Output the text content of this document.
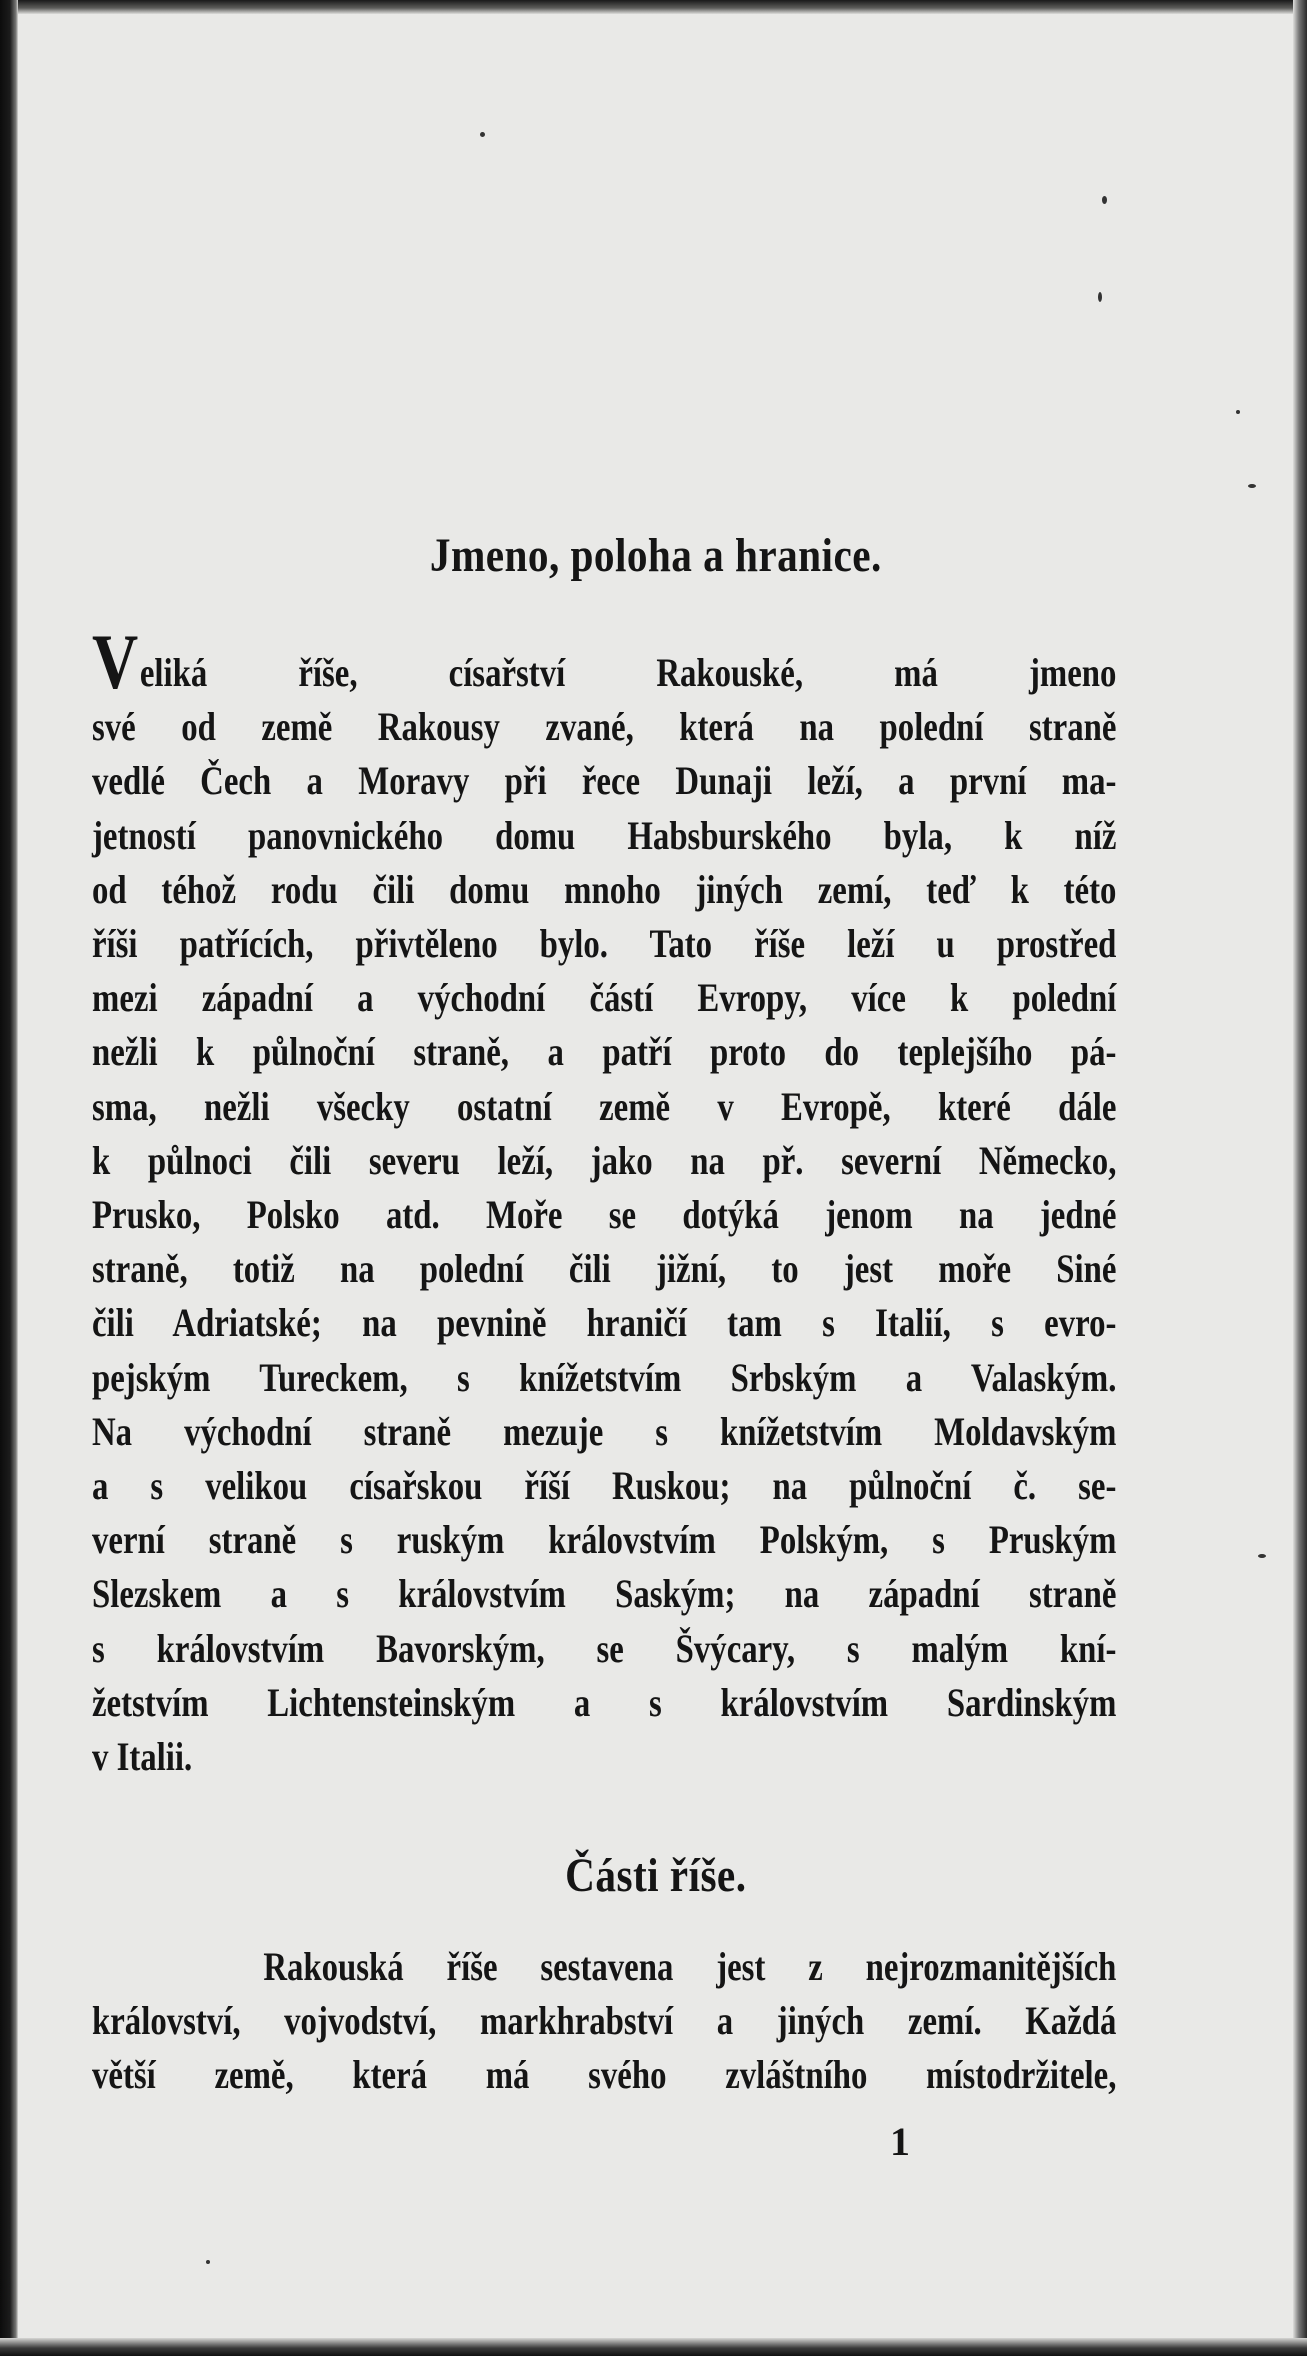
Jmeno, poloha a hranice.
Veliká říše, císařství Rakouské, má jmeno
své od země Rakousy zvané, která na polední straně
vedlé Čech a Moravy při řece Dunaji leží, a první ma-
jetností panovnického domu Habsburského byla, k níž
od téhož rodu čili domu mnoho jiných zemí, teď k této
říši patřících, přivtěleno bylo. Tato říše leží u prostřed
mezi západní a východní částí Evropy, více k polední
nežli k půlnoční straně, a patří proto do teplejšího pá-
sma, nežli všecky ostatní země v Evropě, které dále
k půlnoci čili severu leží, jako na př. severní Německo,
Prusko, Polsko atd. Moře se dotýká jenom na jedné
straně, totiž na polední čili jižní, to jest moře Siné
čili Adriatské; na pevnině hraničí tam s Italií, s evro-
pejským Tureckem, s knížetstvím Srbským a Valaským.
Na východní straně mezuje s knížetstvím Moldavským
a s velikou císařskou říší Ruskou; na půlnoční č. se-
verní straně s ruským královstvím Polským, s Pruským
Slezskem a s královstvím Saským; na západní straně
s královstvím Bavorským, se Švýcary, s malým kní-
žetstvím Lichtensteinským a s královstvím Sardinským
v Italii.
Části říše.
Rakouská říše sestavena jest z nejrozmanitějších
království, vojvodství, markhrabství a jiných zemí. Každá
větší země, která má svého zvláštního místodržitele,
1
